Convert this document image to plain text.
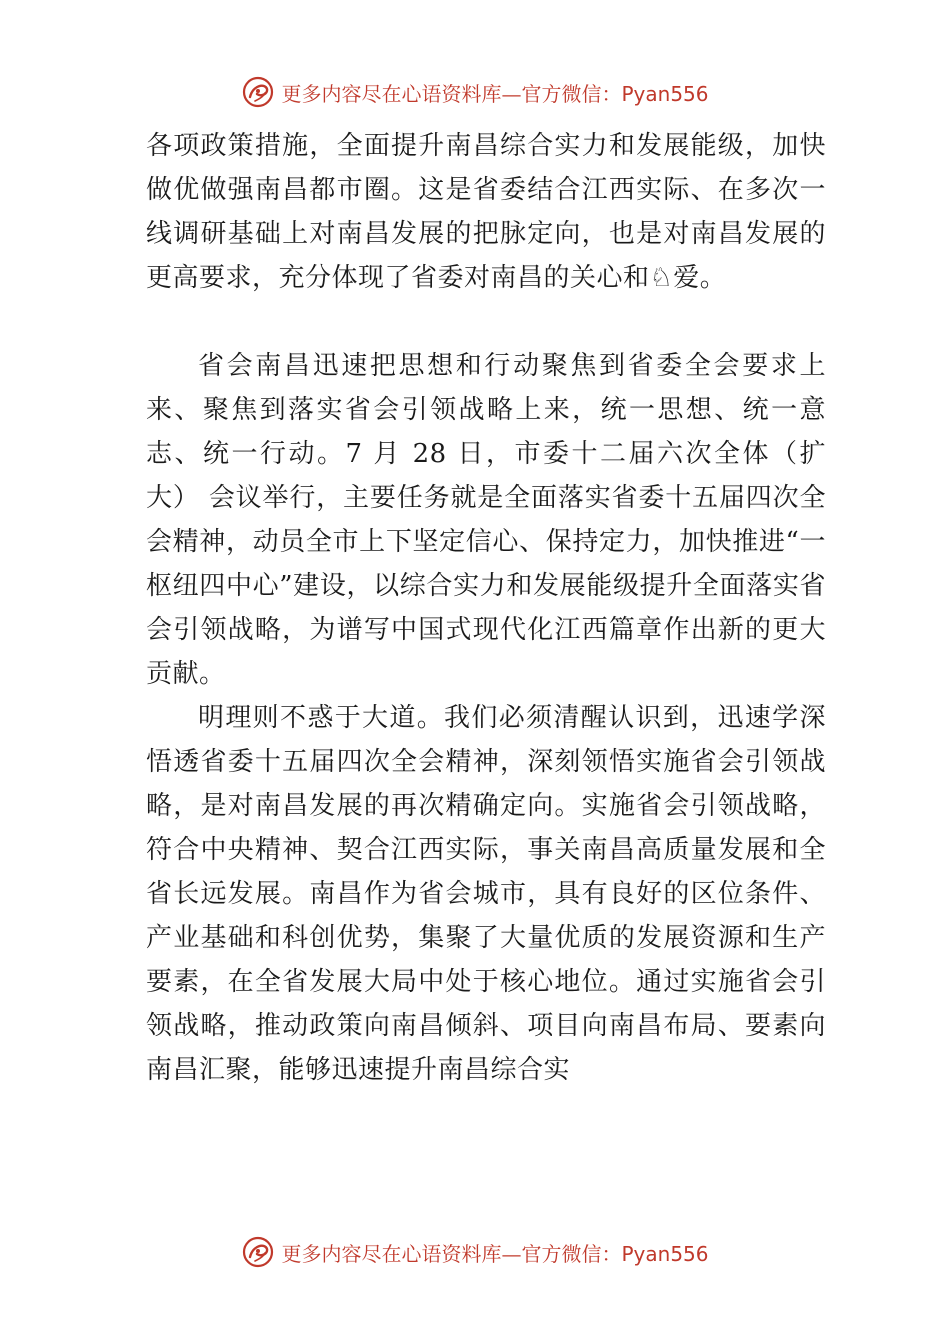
更多内容尽在心语资料库—官方微信：Pyan556

各项政策措施，全面提升南昌综合实力和发展能级，加快做优做强南昌都市圈。这是省委结合江西实际、在多次一线调研基础上对南昌发展的把脉定向，也是对南昌发展的更高要求，充分体现了省委对南昌的关心和♘爱。

省会南昌迅速把思想和行动聚焦到省委全会要求上来、聚焦到落实省会引领战略上来，统一思想、统一意志、统一行动。7 月 28 日，市委十二届六次全体（扩大） 会议举行，主要任务就是全面落实省委十五届四次全会精神，动员全市上下坚定信心、保持定力，加快推进“一枢纽四中心”建设，以综合实力和发展能级提升全面落实省会引领战略，为谱写中国式现代化江西篇章作出新的更大贡献。

明理则不惑于大道。我们必须清醒认识到，迅速学深悟透省委十五届四次全会精神，深刻领悟实施省会引领战略，是对南昌发展的再次精确定向。实施省会引领战略，符合中央精神、契合江西实际，事关南昌高质量发展和全省长远发展。南昌作为省会城市，具有良好的区位条件、产业基础和科创优势，集聚了大量优质的发展资源和生产要素，在全省发展大局中处于核心地位。通过实施省会引领战略，推动政策向南昌倾斜、项目向南昌布局、要素向南昌汇聚，能够迅速提升南昌综合实

更多内容尽在心语资料库—官方微信：Pyan556
